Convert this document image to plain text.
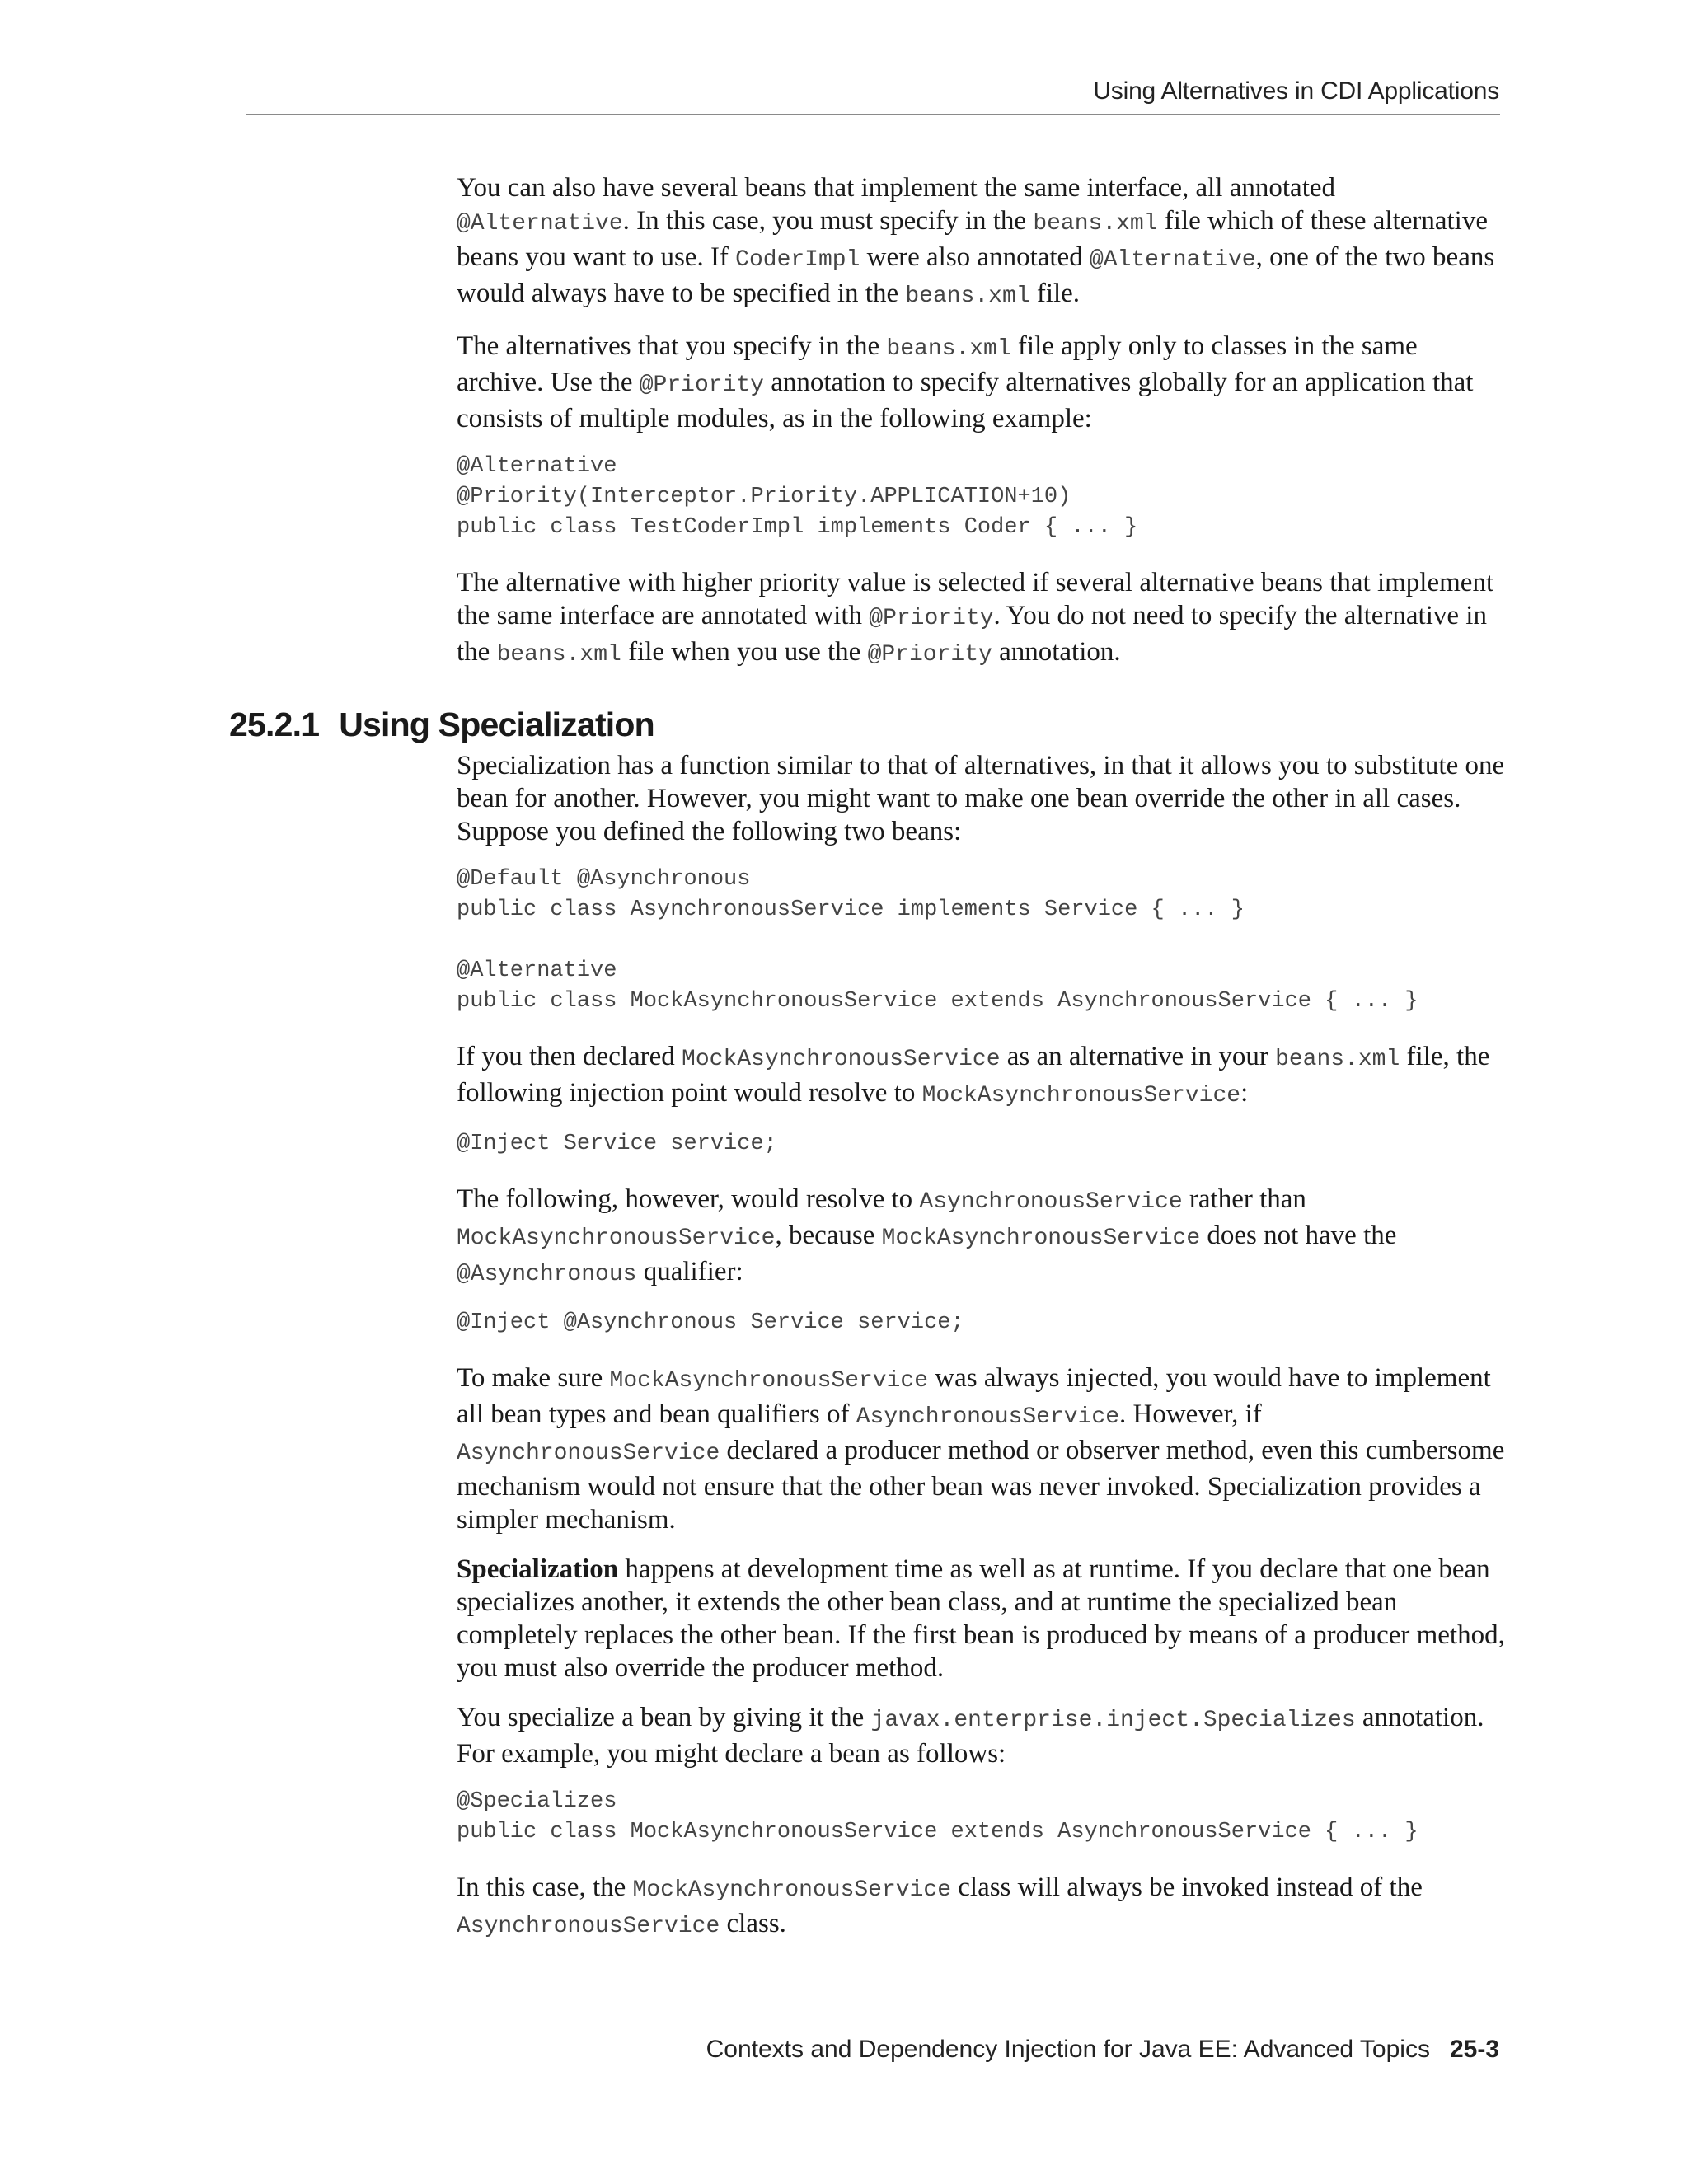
Using Alternatives in CDI Applications

You can also have several beans that implement the same interface, all annotated @Alternative. In this case, you must specify in the beans.xml file which of these alternative beans you want to use. If CoderImpl were also annotated @Alternative, one of the two beans would always have to be specified in the beans.xml file.

The alternatives that you specify in the beans.xml file apply only to classes in the same archive. Use the @Priority annotation to specify alternatives globally for an application that consists of multiple modules, as in the following example:

@Alternative
@Priority(Interceptor.Priority.APPLICATION+10)
public class TestCoderImpl implements Coder { ... }

The alternative with higher priority value is selected if several alternative beans that implement the same interface are annotated with @Priority. You do not need to specify the alternative in the beans.xml file when you use the @Priority annotation.

25.2.1 Using Specialization

Specialization has a function similar to that of alternatives, in that it allows you to substitute one bean for another. However, you might want to make one bean override the other in all cases. Suppose you defined the following two beans:

@Default @Asynchronous
public class AsynchronousService implements Service { ... }
@Alternative
public class MockAsynchronousService extends AsynchronousService { ... }

If you then declared MockAsynchronousService as an alternative in your beans.xml file, the following injection point would resolve to MockAsynchronousService:

@Inject Service service;

The following, however, would resolve to AsynchronousService rather than MockAsynchronousService, because MockAsynchronousService does not have the @Asynchronous qualifier:

@Inject @Asynchronous Service service;

To make sure MockAsynchronousService was always injected, you would have to implement all bean types and bean qualifiers of AsynchronousService. However, if AsynchronousService declared a producer method or observer method, even this cumbersome mechanism would not ensure that the other bean was never invoked. Specialization provides a simpler mechanism.

Specialization happens at development time as well as at runtime. If you declare that one bean specializes another, it extends the other bean class, and at runtime the specialized bean completely replaces the other bean. If the first bean is produced by means of a producer method, you must also override the producer method.

You specialize a bean by giving it the javax.enterprise.inject.Specializes annotation. For example, you might declare a bean as follows:

@Specializes
public class MockAsynchronousService extends AsynchronousService { ... }

In this case, the MockAsynchronousService class will always be invoked instead of the AsynchronousService class.

Contexts and Dependency Injection for Java EE: Advanced Topics 25-3
